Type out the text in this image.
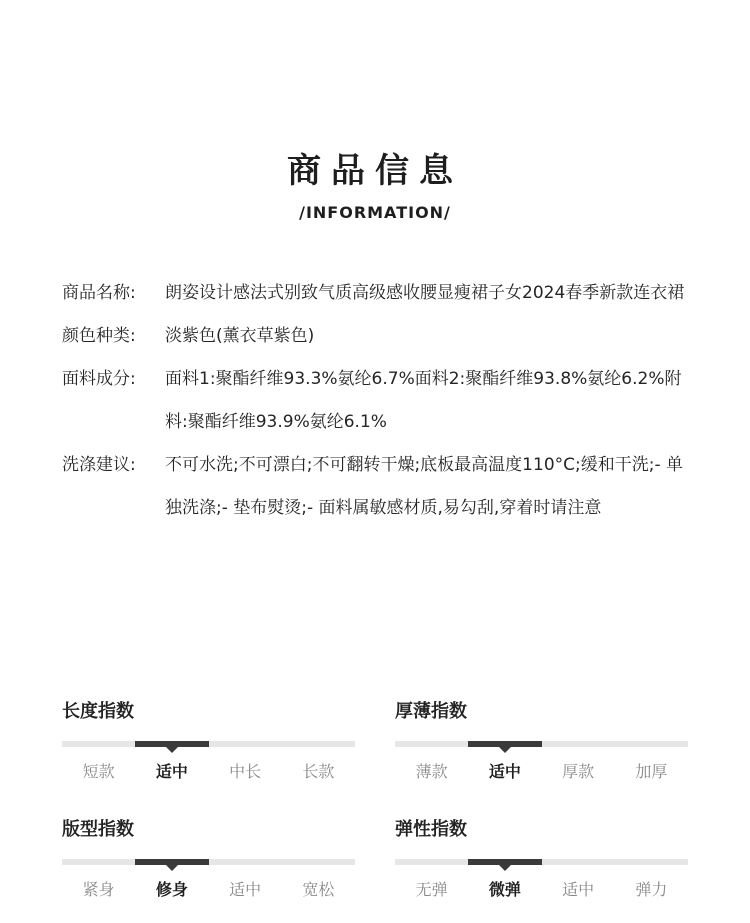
商品信息
/INFORMATION/
商品名称:	朗姿设计感法式别致气质高级感收腰显瘦裙子女2024春季新款连衣裙
颜色种类:	淡紫色(薰衣草紫色)
面料成分:	面料1:聚酯纤维93.3%氨纶6.7%面料2:聚酯纤维93.8%氨纶6.2%附料:聚酯纤维93.9%氨纶6.1%
洗涤建议:	不可水洗;不可漂白;不可翻转干燥;底板最高温度110°C;缓和干洗;- 单独洗涤;- 垫布熨烫;- 面料属敏感材质,易勾刮,穿着时请注意
长度指数
短款	适中	中长	长款
厚薄指数
薄款	适中	厚款	加厚
版型指数
紧身	修身	适中	宽松
弹性指数
无弹	微弹	适中	弹力
